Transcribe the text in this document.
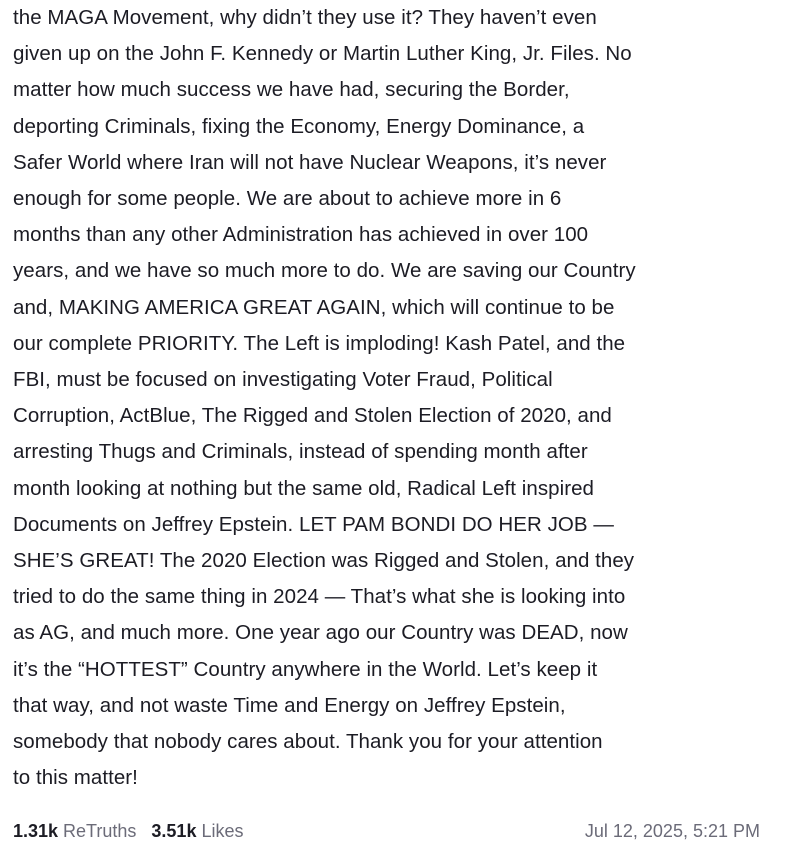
the MAGA Movement, why didn’t they use it? They haven’t even
given up on the John F. Kennedy or Martin Luther King, Jr. Files. No
matter how much success we have had, securing the Border,
deporting Criminals, fixing the Economy, Energy Dominance, a
Safer World where Iran will not have Nuclear Weapons, it’s never
enough for some people. We are about to achieve more in 6
months than any other Administration has achieved in over 100
years, and we have so much more to do. We are saving our Country
and, MAKING AMERICA GREAT AGAIN, which will continue to be
our complete PRIORITY. The Left is imploding! Kash Patel, and the
FBI, must be focused on investigating Voter Fraud, Political
Corruption, ActBlue, The Rigged and Stolen Election of 2020, and
arresting Thugs and Criminals, instead of spending month after
month looking at nothing but the same old, Radical Left inspired
Documents on Jeffrey Epstein. LET PAM BONDI DO HER JOB —
SHE’S GREAT! The 2020 Election was Rigged and Stolen, and they
tried to do the same thing in 2024 — That’s what she is looking into
as AG, and much more. One year ago our Country was DEAD, now
it’s the “HOTTEST” Country anywhere in the World. Let’s keep it
that way, and not waste Time and Energy on Jeffrey Epstein,
somebody that nobody cares about. Thank you for your attention
to this matter!

1.31k ReTruths 3.51k Likes	Jul 12, 2025, 5:21 PM
